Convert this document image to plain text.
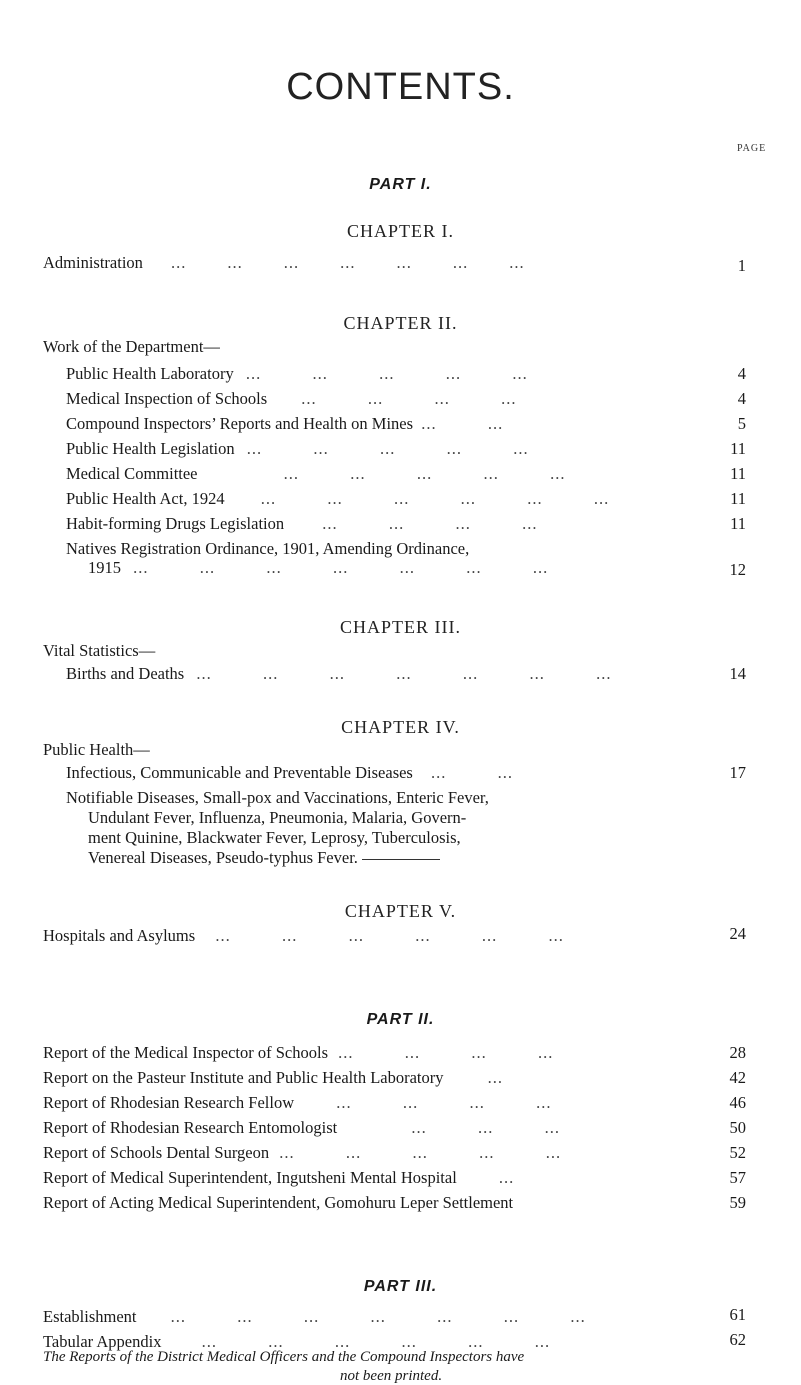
CONTENTS.
PART I.
CHAPTER I.
PAGE
Administration ...        ...        ...        ...        ...        ...        ...	1
CHAPTER II.
Work of the Department—
Public Health Laboratory ...          ...          ...          ...          ...	4
Medical Inspection of Schools ...          ...          ...          ...	4
Compound Inspectors’ Reports and Health on Mines ...          ...	5
Public Health Legislation ...          ...          ...          ...          ...	11
Medical Committee	...          ...          ...          ...          ...	11
Public Health Act, 1924 ...          ...          ...          ...          ...          ...	11
Habit-forming Drugs Legislation ...          ...          ...          ...	11
Natives Registration Ordinance, 1901, Amending Ordinance,
1915 ...          ...          ...          ...          ...          ...          ...	12
CHAPTER III.
Vital Statistics—
Births and Deaths ...          ...          ...          ...          ...          ...          ...	14
CHAPTER IV.
Public Health—
Infectious, Communicable and Preventable Diseases ...          ...	17
Notifiable Diseases, Small-pox and Vaccinations, Enteric Fever,
Undulant Fever, Influenza, Pneumonia, Malaria, Govern-
ment Quinine, Blackwater Fever, Leprosy, Tuberculosis,
Venereal Diseases, Pseudo-typhus Fever.
CHAPTER V.
Hospitals and Asylums ...          ...          ...          ...          ...          ...	24
PART II.
Report of the Medical Inspector of Schools ...          ...          ...          ...	28
Report on the Pasteur Institute and Public Health Laboratory	...	42
Report of Rhodesian Research Fellow	...          ...          ...          ...	46
Report of Rhodesian Research Entomologist	...          ...          ...	50
Report of Schools Dental Surgeon ...          ...          ...          ...          ...	52
Report of Medical Superintendent, Ingutsheni Mental Hospital	...	57
Report of Acting Medical Superintendent, Gomohuru Leper Settlement	59
PART III.
Establishment ...          ...          ...          ...          ...          ...          ...	61
Tabular Appendix ...          ...          ...          ...          ...          ...	62
The Reports of the District Medical Officers and the Compound Inspectors have
not been printed.
